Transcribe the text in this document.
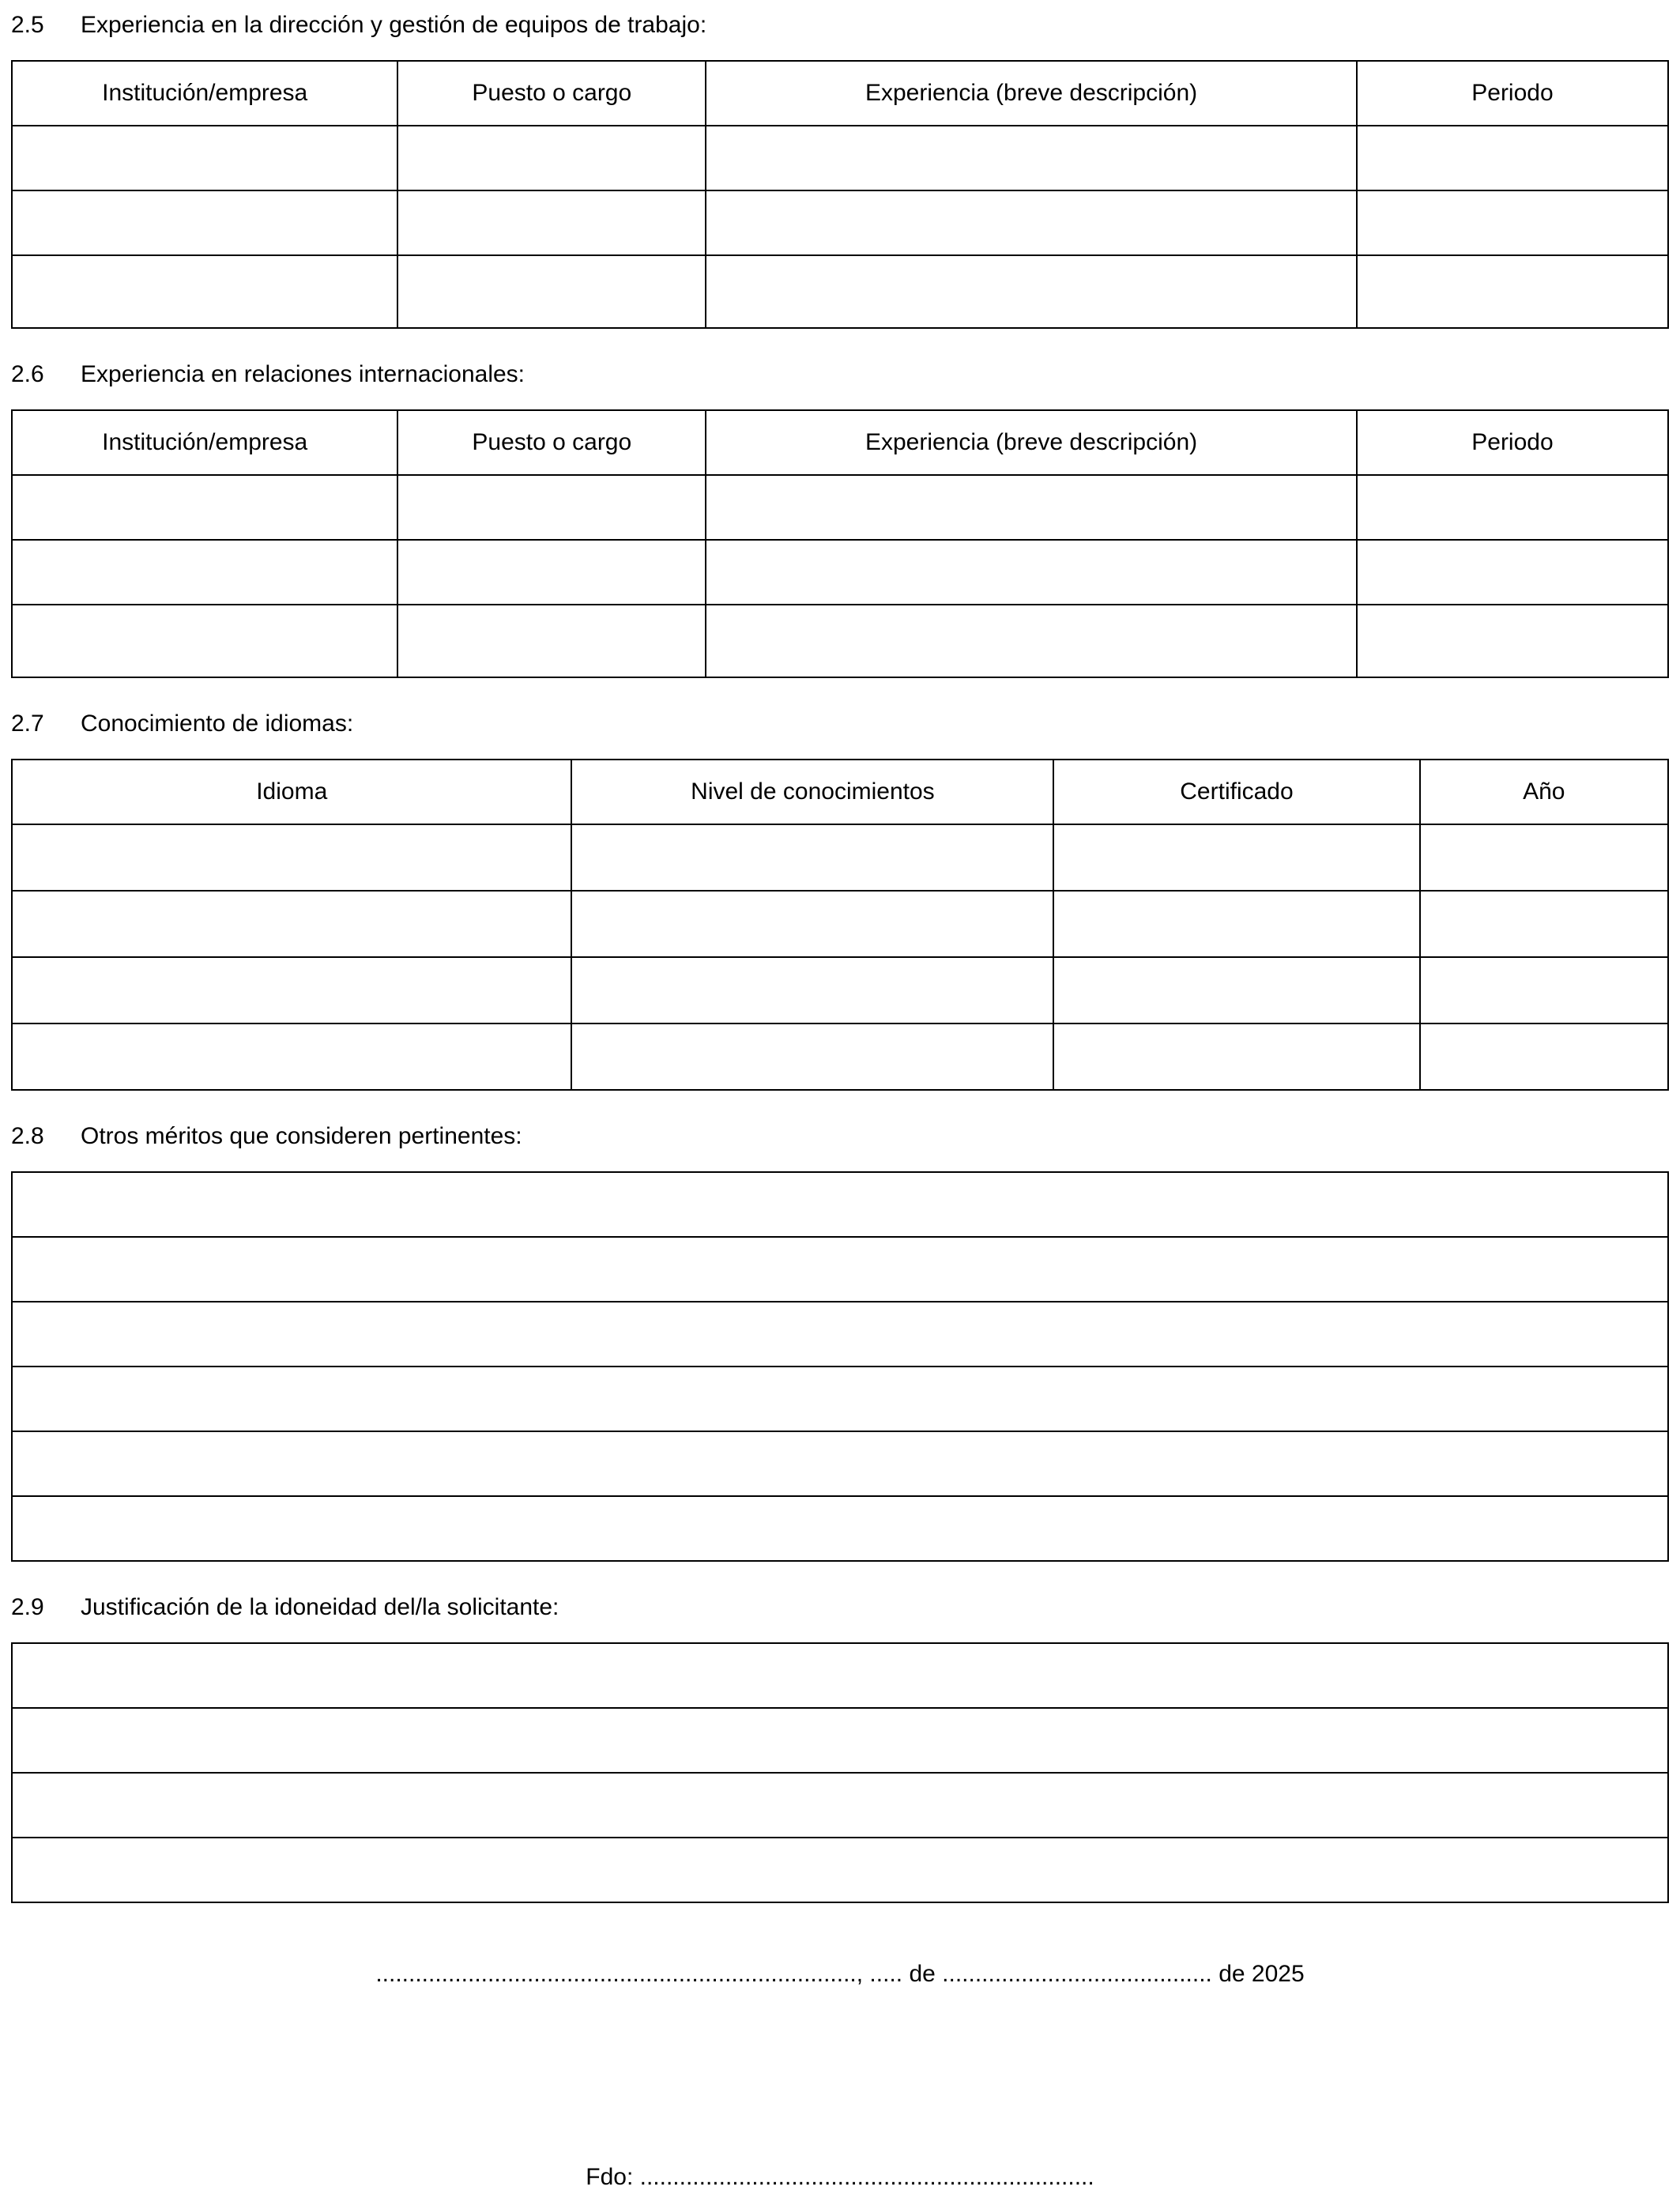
2.5	Experiencia en la dirección y gestión de equipos de trabajo:
Institución/empresa	Puesto o cargo	Experiencia (breve descripción)	Periodo

2.6	Experiencia en relaciones internacionales:
Institución/empresa	Puesto o cargo	Experiencia (breve descripción)	Periodo

2.7	Conocimiento de idiomas:
Idioma	Nivel de conocimientos	Certificado	Año

2.8	Otros méritos que consideren pertinentes:

2.9	Justificación de la idoneidad del/la solicitante:

........................................................................., ..... de ......................................... de 2025
Fdo: .....................................................................
